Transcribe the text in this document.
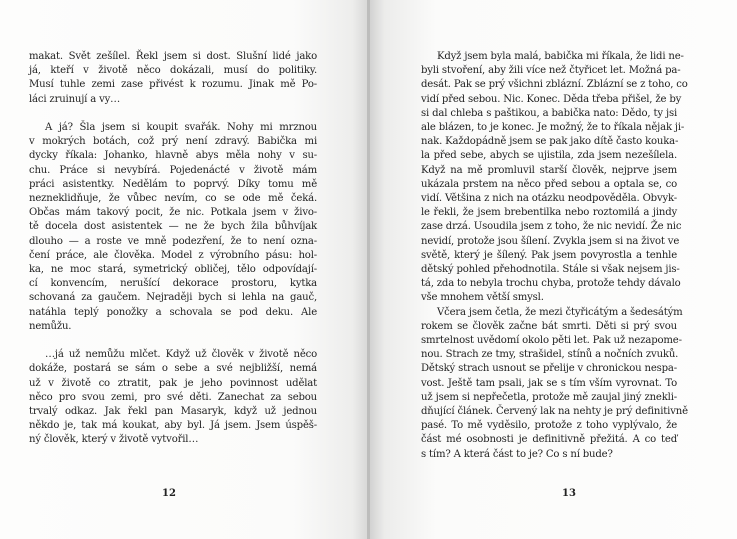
makat. Svět zešílel. Řekl jsem si dost. Slušní lidé jako
já, kteří v životě něco dokázali, musí do politiky.
Musí tuhle zemi zase přivést k rozumu. Jinak mě Po-
láci zruinují a vy…
A já? Šla jsem si koupit svařák. Nohy mi mrznou
v mokrých botách, což prý není zdravý. Babička mi
dycky říkala: Johanko, hlavně abys měla nohy v su-
chu. Práce si nevybírá. Pojedenácté v životě mám
práci asistentky. Nedělám to poprvý. Díky tomu mě
nezneklidňuje, že vůbec nevím, co se ode mě čeká.
Občas mám takový pocit, že nic. Potkala jsem v živo-
tě docela dost asistentek — ne že bych žila bůhvíjak
dlouho — a roste ve mně podezření, že to není ozna-
čení práce, ale člověka. Model z výrobního pásu: hol-
ka, ne moc stará, symetrický obličej, tělo odpovídají-
cí konvencím, nerušící dekorace prostoru, kytka
schovaná za gaučem. Nejraději bych si lehla na gauč,
natáhla teplý ponožky a schovala se pod deku. Ale
nemůžu.
…já už nemůžu mlčet. Když už člověk v životě něco
dokáže, postará se sám o sebe a své nejbližší, nemá
už v životě co ztratit, pak je jeho povinnost udělat
něco pro svou zemi, pro své děti. Zanechat za sebou
trvalý odkaz. Jak řekl pan Masaryk, když už jednou
někdo je, tak má koukat, aby byl. Já jsem. Jsem úspěš-
ný člověk, který v životě vytvořil…
12
Když jsem byla malá, babička mi říkala, že lidi ne-
byli stvoření, aby žili více než čtyřicet let. Možná pa-
desát. Pak se prý všichni zblázní. Zblázní se z toho, co
vidí před sebou. Nic. Konec. Děda třeba přišel, že by
si dal chleba s paštikou, a babička nato: Dědo, ty jsi
ale blázen, to je konec. Je možný, že to říkala nějak ji-
nak. Každopádně jsem se pak jako dítě často kouka-
la před sebe, abych se ujistila, zda jsem nezešílela.
Když na mě promluvil starší člověk, nejprve jsem
ukázala prstem na něco před sebou a optala se, co
vidí. Většina z nich na otázku neodpověděla. Obvyk-
le řekli, že jsem brebentilka nebo roztomilá a jindy
zase drzá. Usoudila jsem z toho, že nic nevidí. Že nic
nevidí, protože jsou šílení. Zvykla jsem si na život ve
světě, který je šílený. Pak jsem povyrostla a tenhle
dětský pohled přehodnotila. Stále si však nejsem jis-
tá, zda to nebyla trochu chyba, protože tehdy dávalo
vše mnohem větší smysl.
Včera jsem četla, že mezi čtyřicátým a šedesátým
rokem se člověk začne bát smrti. Děti si prý svou
smrtelnost uvědomí okolo pěti let. Pak už nezapome-
nou. Strach ze tmy, strašidel, stínů a nočních zvuků.
Dětský strach usnout se přelije v chronickou nespa-
vost. Ještě tam psali, jak se s tím vším vyrovnat. To
už jsem si nepřečetla, protože mě zaujal jiný znekli-
dňující článek. Červený lak na nehty je prý definitivně
pasé. To mě vyděsilo, protože z toho vyplývalo, že
část mé osobnosti je definitivně přežitá. A co teď
s tím? A která část to je? Co s ní bude?
13
